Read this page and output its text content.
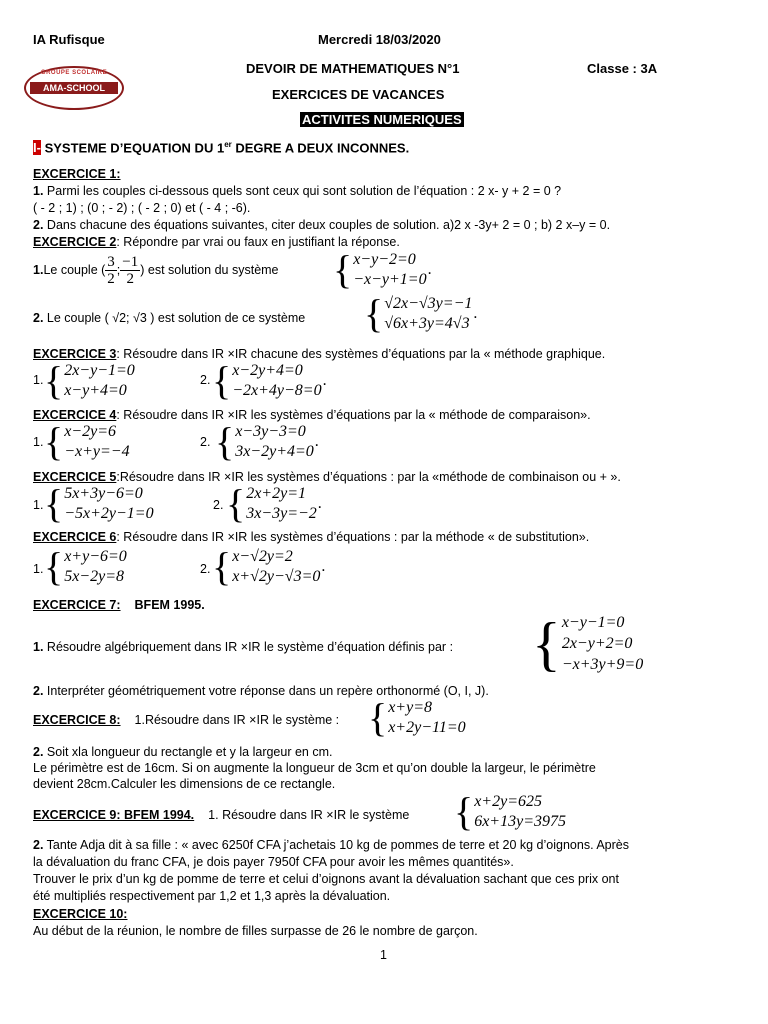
IA Rufisque	Mercredi 18/03/2020
GROUPE SCOLAIRE
AMA-SCHOOL
DEVOIR DE MATHEMATIQUES N°1	Classe : 3A
EXERCICES DE VACANCES
ACTIVITES NUMERIQUES
I- SYSTEME D’EQUATION DU 1er DEGRE A DEUX INCONNES.
EXCERCICE 1:
1. Parmi les couples ci-dessous quels sont ceux qui sont solution de l’équation : 2 x- y + 2 = 0 ?
( - 2 ; 1) ; (0 ; - 2) ; ( - 2 ; 0) et ( - 4 ; -6).
2. Dans chacune des équations suivantes, citer deux couples de solution. a)2 x -3y+ 2 = 0 ; b) 2 x–y = 0.
EXCERCICE 2: Répondre par vrai ou faux en justifiant la réponse.
1. Le couple ( $\frac{3}{2}$ ; $\frac{-1}{2}$ ) est solution du système { x−y−2=0
−x−y+1=0
.
2. Le couple ( √2; √3 ) est solution de ce système { √2x−√3y=−1
√6x+3y=4√3
.
EXCERCICE 3: Résoudre dans IR ×IR chacune des systèmes d’équations par la « méthode graphique.
1. { 2x−y−1=0
x−y+4=0
2. { x−2y+4=0
−2x+4y−8=0
.
EXCERCICE 4: Résoudre dans IR ×IR les systèmes d’équations par la « méthode de comparaison».
1. { x−2y=6
−x+y=−4
2. { x−3y−3=0
3x−2y+4=0
.
EXCERCICE 5:Résoudre dans IR ×IR les systèmes d’équations : par la «méthode de combinaison ou + ».
1. { 5x+3y−6=0
−5x+2y−1=0	2. { 2x+2y=1
3x−3y=−2
.
EXCERCICE 6: Résoudre dans IR ×IR les systèmes d’équations : par la méthode « de substitution».
1. { x+y−6=0
5x−2y=8	2. { x−√2y=2
x+√2y−√3=0
.
EXCERCICE 7: BFEM 1995.
1. Résoudre algébriquement dans IR ×IR le système d’équation définis par : { x−y−1=0
2x−y+2=0
−x+3y+9=0
2. Interpréter géométriquement votre réponse dans un repère orthonormé (O, I, J).
EXCERCICE 8: 1.Résoudre dans IR ×IR le système : { x+y=8
x+2y−11=0
2. Soit xla longueur du rectangle et y la largeur en cm.
Le périmètre est de 16cm. Si on augmente la longueur de 3cm et qu’on double la largeur, le périmètre
devient 28cm.Calculer les dimensions de ce rectangle.
EXCERCICE 9: BFEM 1994. 1. Résoudre dans IR ×IR le système { x+2y=625
6x+13y=3975
2. Tante Adja dit à sa fille : « avec 6250f CFA j’achetais 10 kg de pommes de terre et 20 kg d’oignons. Après
la dévaluation du franc CFA, je dois payer 7950f CFA pour avoir les mêmes quantités».
Trouver le prix d’un kg de pomme de terre et celui d’oignons avant la dévaluation sachant que ces prix ont
été multipliés respectivement par 1,2 et 1,3 après la dévaluation.
EXCERCICE 10:
Au début de la réunion, le nombre de filles surpasse de 26 le nombre de garçon.
1
